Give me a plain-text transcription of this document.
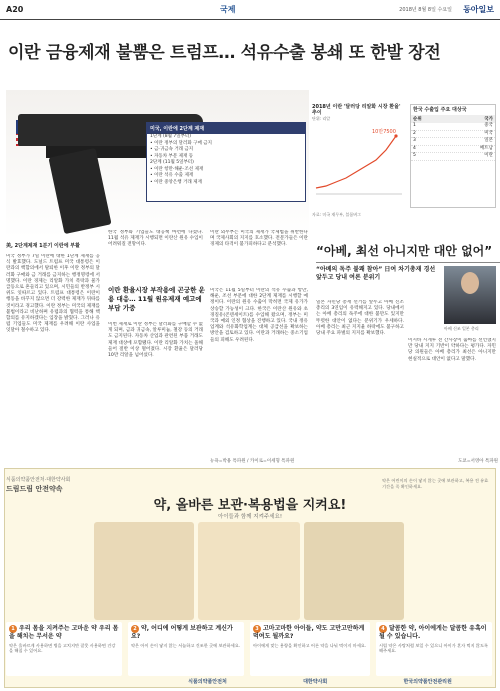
A20	국제	2018년 8월 8일 수요일 동아일보
이란 금융제재 불뿜은 트럼프… 석유수출 봉쇄 또 한발 장전
미국, 이란에 2단계 제재
1단계 (8월 7일부터)
• 이란 정부의 달러화 구매 금지
• 금·귀금속 거래 금지
• 자동차 부문 제재 등
2단계 (11월 5일부터)
• 이란 항만·해운·조선 제재
• 이란 석유 수출 제재
• 이란 중앙은행 거래 제재
2018년 이란 '달러당 리알화 시장 환율' 추이
단위: 리알
10만7500
한국 수출입 주요 대상국
순위	국가
1	중국
2	미국
3	일본
4	베트남
5	이란
자료: 미국 재무부, 블룸버그
美, 2단계제재 1분기 이란에 부활
미국 정부가 7일 이란에 대한 1단계 제재를 공식 발효했다. 도널드 트럼프 미국 대통령은 이란과의 핵합의에서 탈퇴한 이후 이란 정부의 달러화 구매와 금 거래를 금지하는 행정명령에 서명했다. 이란 경제는 리알화 가치 폭락과 물가 급등으로 흔들리고 있으며, 시민들의 반정부 시위도 잇따르고 있다. 트럼프 대통령은 이란이 행동을 바꾸지 않으면 더 강력한 제재가 뒤따를 것이라고 경고했다. 이란 정부는 미국의 제재를 불법이라고 비난하며 유럽과의 협력을 통해 핵합의를 유지하겠다는 입장을 밝혔다. 그러나 유럽 기업들도 미국 제재를 우려해 이란 사업을 잇달아 철수하고 있다.
한국 정부와 기업들도 대응책 마련에 나섰다. 11월 석유 제재가 시행되면 이란산 원유 수입이 어려워질 전망이다.
이란 외무부는 미국의 제재가 국제법을 위반한다며 국제사회의 지지를 호소했다. 전문가들은 이란 경제의 타격이 불가피하다고 분석했다.
이란 환율시장 부작용에 곤궁한 운용 대응… 11월 원유제재 예고에 부담 가중
이번 제재로 이란 정부는 달러화를 구매할 수 없게 되며, 금과 귀금속, 알루미늄, 철강 등의 거래도 금지된다. 자동차 산업과 관련된 부품 거래도 제재 대상에 포함됐다. 이란 리알화 가치는 올해 들어 절반 이상 떨어졌다. 시장 환율은 달러당 10만 리알을 넘어섰다.
미국은 11월 5일부터 이란의 석유 수출과 항만, 해운, 조선 부문에 대한 2단계 제재를 시행할 예정이다. 이란의 원유 수출이 막히면 국제 유가가 상승할 가능성이 크다. 한국은 이란산 원유와 초경질유(콘덴세이트)를 수입해 왔으며, 정부는 미국과 예외 인정 협상을 진행하고 있다. 국내 정유업계와 석유화학업계는 대체 공급선을 확보하는 방안을 검토하고 있다. 이란과 거래하는 중소기업들의 피해도 우려된다.
뉴욕=박용 특파원 / 카이로=이세형 특파원
“아베, 최선 아니지만 대안 없어”
“아베의 독주 불쾌 참아” 日여 차기총재 경선 앞두고 당내 여론 분위기
아베 신조 일본 총리
일본 자민당 총재 선거를 앞두고 아베 신조 총리의 3연임이 유력해지고 있다. 당내에서는 아베 총리의 독주에 대한 불만도 있지만 뚜렷한 대안이 없다는 분위기가 우세하다. 아베 총리는 최근 지지율 하락에도 불구하고 당내 주요 파벌의 지지를 확보했다.
이시바 시게루 전 간사장이 출마를 선언했지만 당내 지지 기반이 약하다는 평가다. 자민당 의원들은 아베 총리가 최선은 아니지만 현실적으로 대안이 없다고 말했다.
도쿄=서영아 특파원
식품의약품안전처·대한약사회
드림드림 안전약속
약, 올바른 보관·복용법을 지켜요!
아이들과 함께 지켜주세요!
약은 어린이의 손이 닿지 않는 곳에 보관하고, 복용 전 유효기간을 꼭 확인하세요.
1 우리 몸을 지켜주는 고마운 약 우리 몸을 해치는 무서운 약
약은 올바르게 사용하면 병을 고치지만 잘못 사용하면 건강을 해칠 수 있어요.
2 약, 어디에 어떻게 보관하고 계신가요?
약은 아이 손이 닿지 않는 서늘하고 건조한 곳에 보관하세요.
3 고마고마한 아이들, 약도 고만고만하게 먹여도 될까요?
아이에게 맞는 용량을 확인하고 어른 약을 나눠 먹이지 마세요.
4 달콤한 약, 아이에게는 달콤한 유혹이 될 수 있습니다.
시럽 약은 사탕처럼 보일 수 있으니 아이가 혼자 먹지 않도록 해주세요.
식품의약품안전처	대한약사회	한국의약품안전관리원
